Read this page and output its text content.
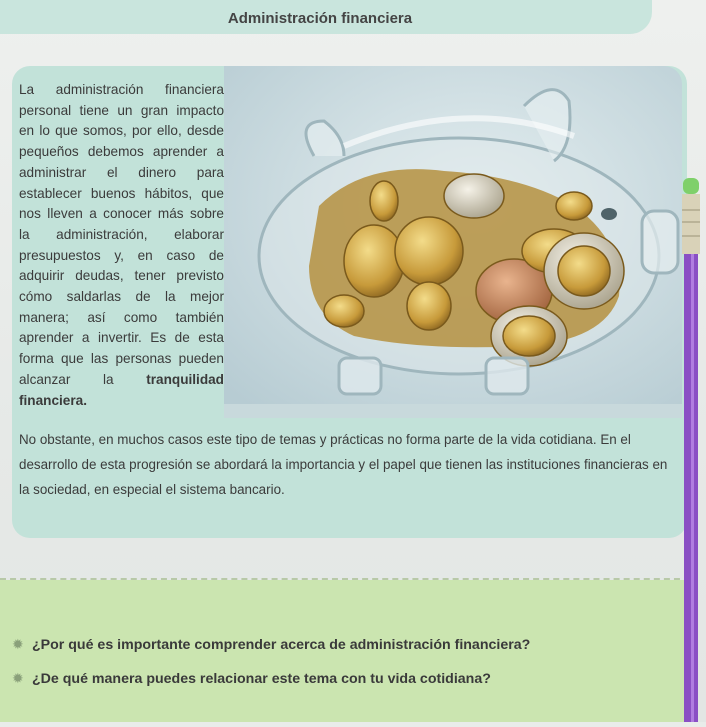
Administración financiera
La administración financiera personal tiene un gran impacto en lo que somos, por ello, desde pequeños debemos aprender a administrar el dinero para establecer buenos hábitos, que nos lleven a conocer más sobre la administración, elaborar presupuestos y, en caso de adquirir deudas, tener previsto cómo saldarlas de la mejor manera; así como también aprender a invertir. Es de esta forma que las personas pueden alcanzar la tranquilidad financiera.
No obstante, en muchos casos este tipo de temas y prácticas no forma parte de la vida cotidiana. En el desarrollo de esta progresión se abordará la importancia y el papel que tienen las instituciones financieras en la sociedad, en especial el sistema bancario.
✹ ¿Por qué es importante comprender acerca de administración financiera?
✹ ¿De qué manera puedes relacionar este tema con tu vida cotidiana?
